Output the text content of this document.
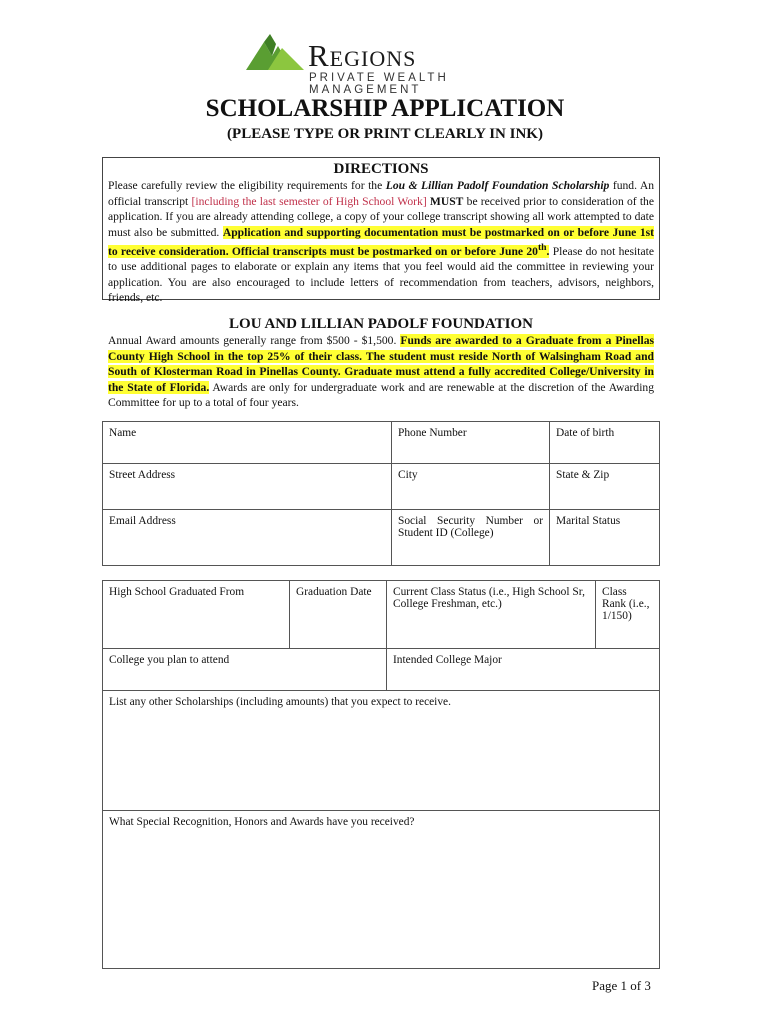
Regions
PRIVATE WEALTH MANAGEMENT
SCHOLARSHIP APPLICATION
(PLEASE TYPE OR PRINT CLEARLY IN INK)
DIRECTIONS
Please carefully review the eligibility requirements for the Lou & Lillian Padolf Foundation Scholarship fund. An official transcript [including the last semester of High School Work] MUST be received prior to consideration of the application. If you are already attending college, a copy of your college transcript showing all work attempted to date must also be submitted. Application and supporting documentation must be postmarked on or before June 1st to receive consideration. Official transcripts must be postmarked on or before June 20th. Please do not hesitate to use additional pages to elaborate or explain any items that you feel would aid the committee in reviewing your application. You are also encouraged to include letters of recommendation from teachers, advisors, neighbors, friends, etc.
LOU AND LILLIAN PADOLF FOUNDATION
Annual Award amounts generally range from $500 - $1,500. Funds are awarded to a Graduate from a Pinellas County High School in the top 25% of their class. The student must reside North of Walsingham Road and South of Klosterman Road in Pinellas County. Graduate must attend a fully accredited College/University in the State of Florida. Awards are only for undergraduate work and are renewable at the discretion of the Awarding Committee for up to a total of four years.
Name	Phone Number	Date of birth
Street Address	City	State & Zip
Email Address	Social Security Number or Student ID (College)	Marital Status
High School Graduated From	Graduation Date	Current Class Status (i.e., High School Sr, College Freshman, etc.)	Class Rank (i.e., 1/150)
College you plan to attend		Intended College Major	
List any other Scholarships (including amounts) that you expect to receive.			
What Special Recognition, Honors and Awards have you received?			
Page 1 of 3
